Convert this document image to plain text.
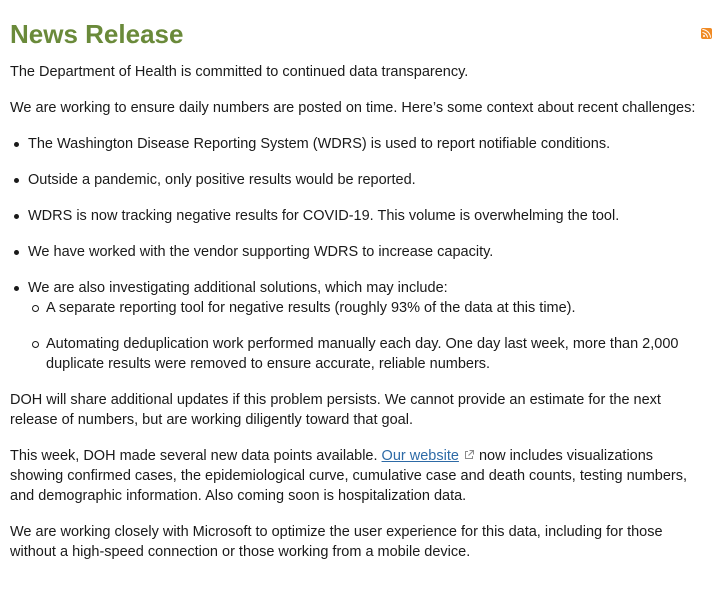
News Release

The Department of Health is committed to continued data transparency.

We are working to ensure daily numbers are posted on time. Here’s some context about recent challenges:

The Washington Disease Reporting System (WDRS) is used to report notifiable conditions.
Outside a pandemic, only positive results would be reported.
WDRS is now tracking negative results for COVID-19. This volume is overwhelming the tool.
We have worked with the vendor supporting WDRS to increase capacity.
We are also investigating additional solutions, which may include:
A separate reporting tool for negative results (roughly 93% of the data at this time).
Automating deduplication work performed manually each day. One day last week, more than 2,000 duplicate results were removed to ensure accurate, reliable numbers.

DOH will share additional updates if this problem persists. We cannot provide an estimate for the next release of numbers, but are working diligently toward that goal.

This week, DOH made several new data points available. Our website now includes visualizations showing confirmed cases, the epidemiological curve, cumulative case and death counts, testing numbers, and demographic information. Also coming soon is hospitalization data.

We are working closely with Microsoft to optimize the user experience for this data, including for those without a high-speed connection or those working from a mobile device.
